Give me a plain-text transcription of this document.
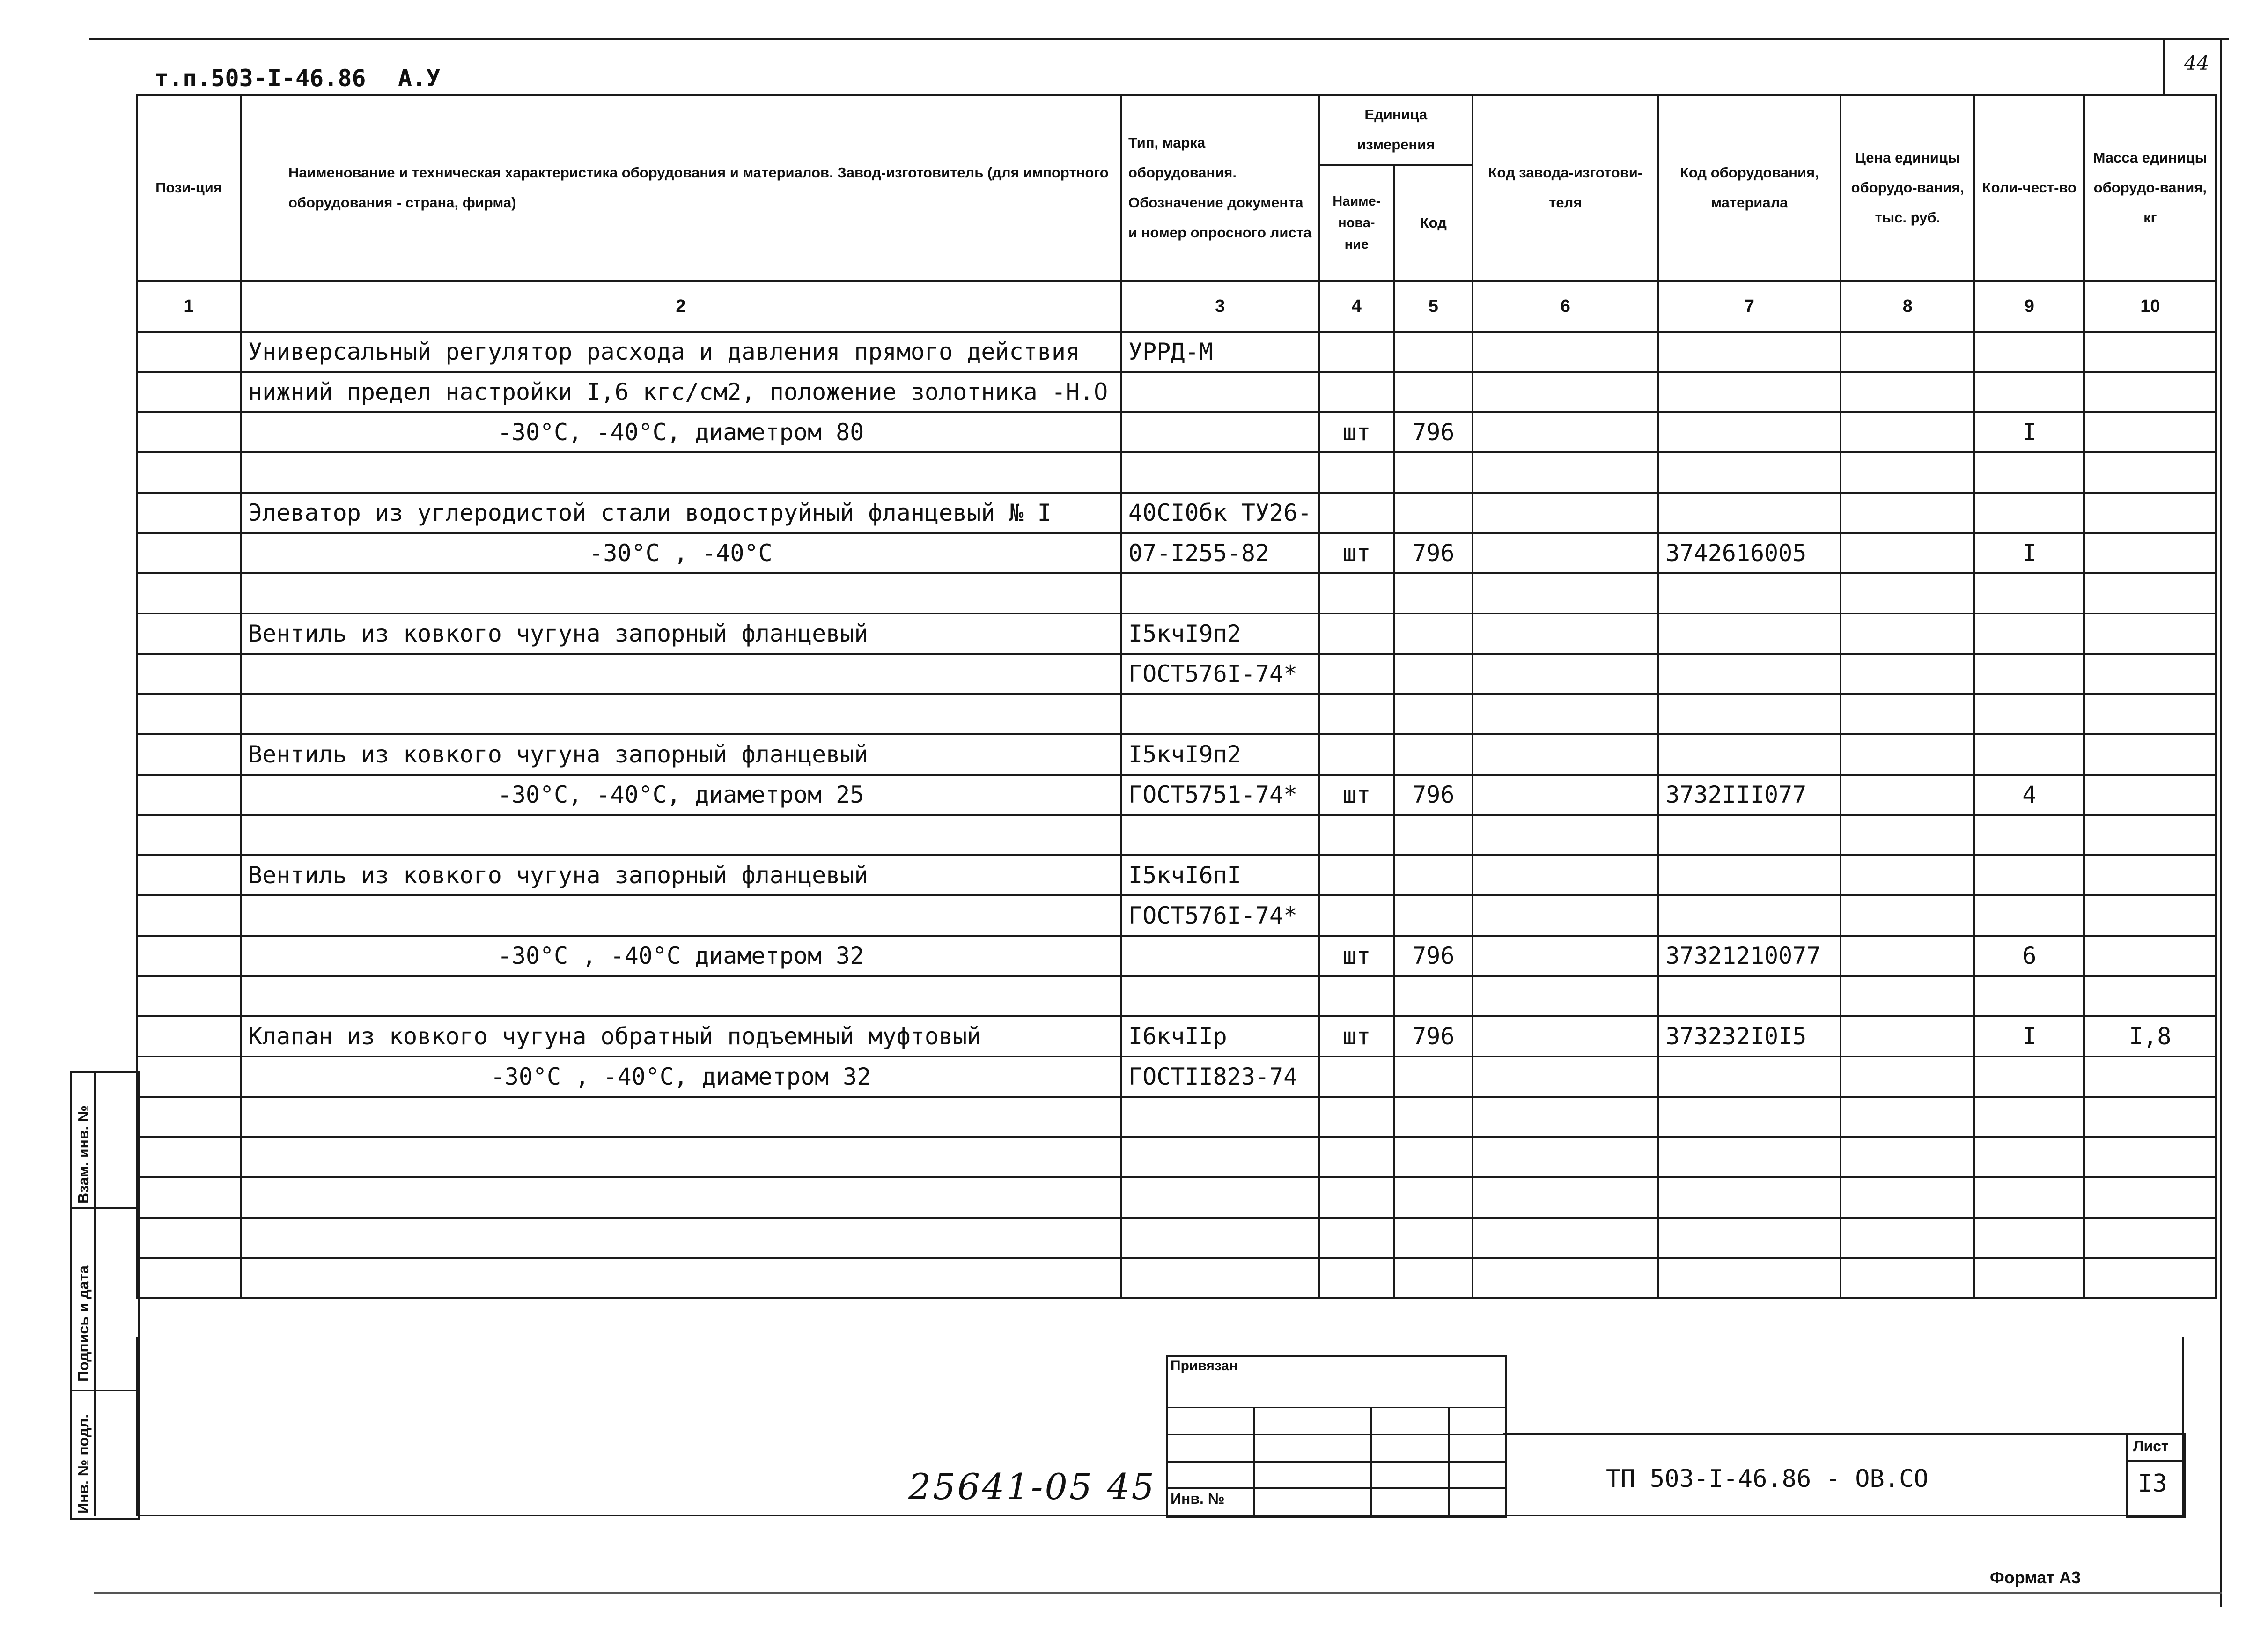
т.п.503-I-46.86 А.У
44
Пози-ция	Наименование и техническая характеристика оборудования и материалов. Завод-изготовитель (для импортного оборудования - страна, фирма)	Тип, марка оборудования. Обозначение документа и номер опросного листа	Единица измерения		Код завода-изготови-теля	Код оборудования, материала	Цена единицы оборудо-вания, тыс. руб.	Коли-чест-во	Масса единицы оборудо-вания, кг
			Наиме-нова-ние	Код					
1	2	3	4	5	6	7	8	9	10
	Универсальный регулятор расхода и давления прямого действия	УРРД-М							
	нижний предел настройки I,6 кгс/см2, положение золотника -Н.О								
	-30°С, -40°С, диаметром 80		шт	796				I	

	Элеватор из углеродистой стали водоструйный фланцевый № I	40СI0бк ТУ26-							
	-30°С , -40°С	07-I255-82	шт	796		3742616005		I	

	Вентиль из ковкого чугуна запорный фланцевый	I5кчI9п2							
		ГОСТ576I-74*							

	Вентиль из ковкого чугуна запорный фланцевый	I5кчI9п2							
	-30°С, -40°С, диаметром 25	ГОСТ5751-74*	шт	796		3732III077		4	

	Вентиль из ковкого чугуна запорный фланцевый	I5кчI6пI							
		ГОСТ576I-74*							
	-30°С , -40°С диаметром 32		шт	796		37321210077		6	

	Клапан из ковкого чугуна обратный подъемный муфтовый	I6кчIIр	шт	796		373232I0I5		I	I,8
	-30°С , -40°С, диаметром 32	ГОСТII823-74							

Взам. инв. №
Подпись и дата
Инв. № подл.
Привязан
Инв. №
25641-05 45	ТП 503-I-46.86 - ОВ.СО
Лист
I3
Формат А3
